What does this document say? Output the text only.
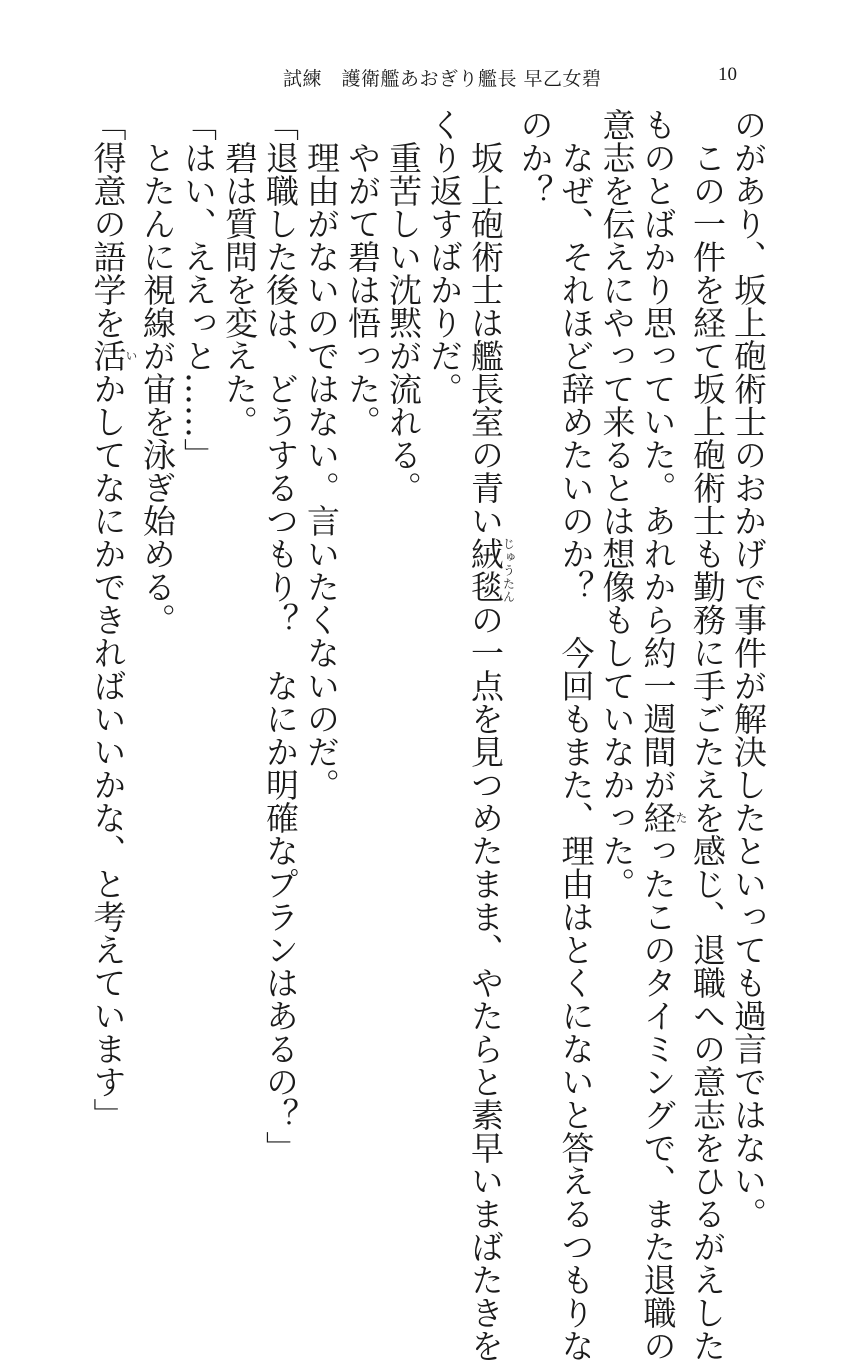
試練　護衛艦あおぎり艦長 早乙女碧	10
のがあり、坂上砲術士のおかげで事件が解決したといっても過言ではない。
　この一件を経て坂上砲術士も勤務に手ごたえを感じ、退職への意志をひるがえした
ものとばかり思っていた。あれから約一週間が経たったこのタイミングで、また退職の
意志を伝えにやって来るとは想像もしていなかった。
　なぜ、それほど辞めたいのか？　今回もまた、理由はとくにないと答えるつもりな
のか？
　坂上砲術士は艦長室の青い絨毯じゅうたんの一点を見つめたまま、やたらと素早いまばたきを
くり返すばかりだ。
　重苦しい沈黙が流れる。
　やがて碧は悟った。
　理由がないのではない。言いたくないのだ。
「退職した後は、どうするつもり？　なにか明確なプランはあるの？」
　碧は質問を変えた。
「はい、ええっと……」
　とたんに視線が宙を泳ぎ始める。
「得意の語学を活いかしてなにかできればいいかな、と考えています」
